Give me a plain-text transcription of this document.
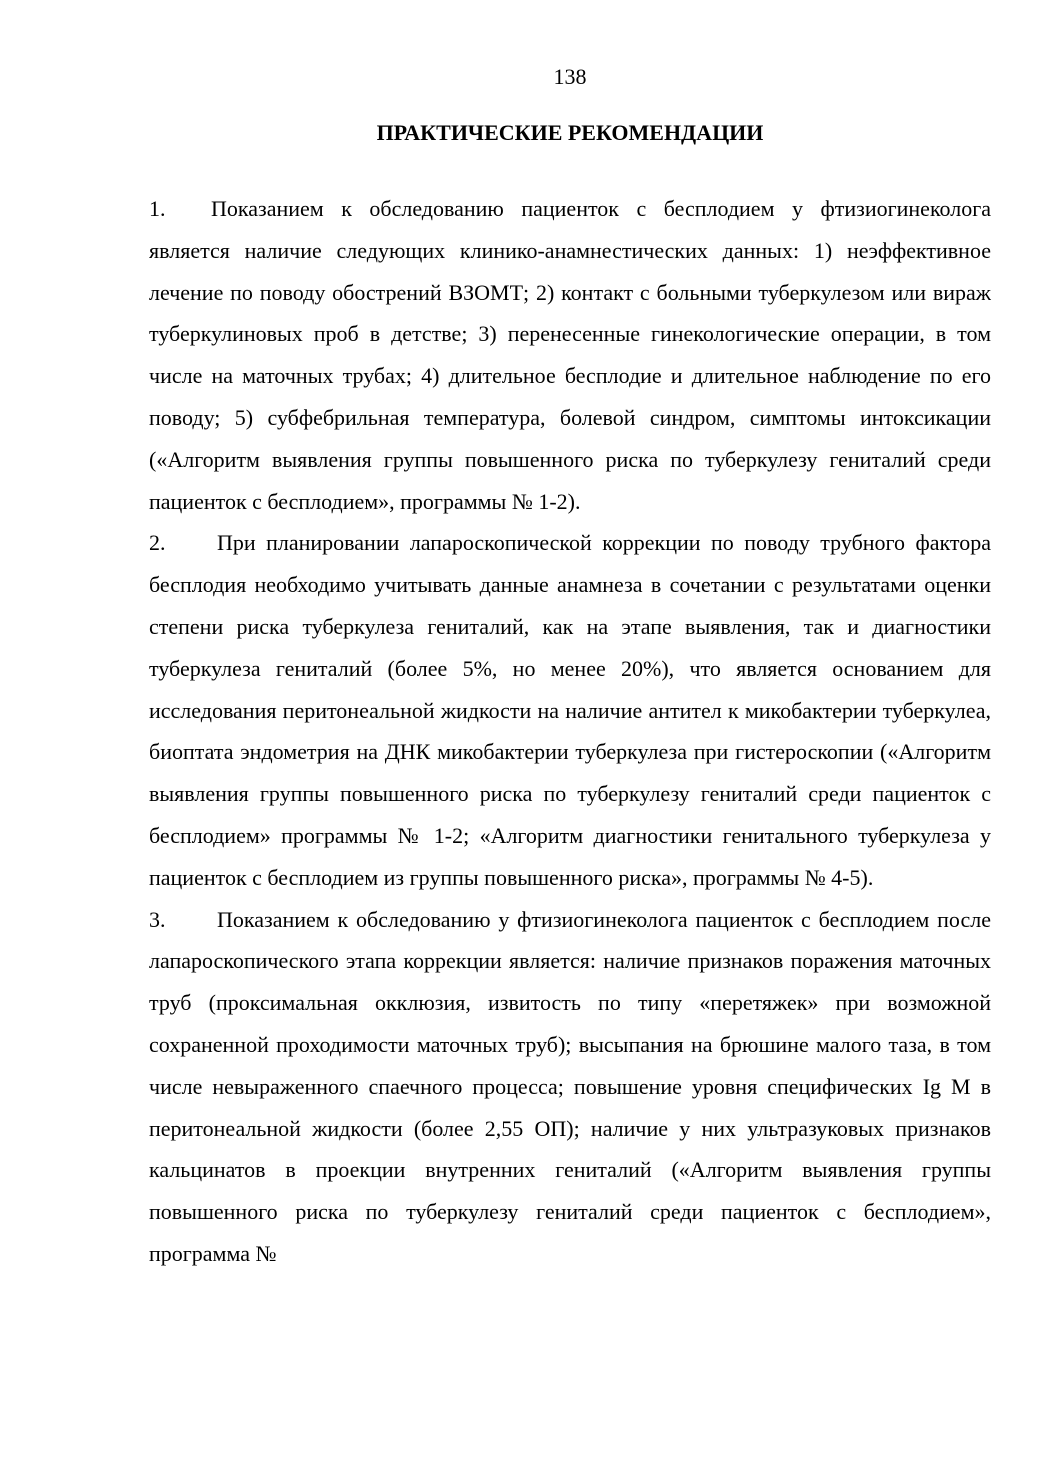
138
ПРАКТИЧЕСКИЕ РЕКОМЕНДАЦИИ

1. Показанием к обследованию пациенток с бесплодием у фтизиогинеколога является наличие следующих клинико-анамнестических данных: 1) неэффективное лечение по поводу обострений ВЗОМТ; 2) контакт с больными туберкулезом или вираж туберкулиновых проб в детстве; 3) перенесенные гинекологические операции, в том числе на маточных трубах; 4) длительное бесплодие и длительное наблюдение по его поводу; 5) субфебрильная температура, болевой синдром, симптомы интоксикации («Алгоритм выявления группы повышенного риска по туберкулезу гениталий среди пациенток с бесплодием», программы № 1-2).

2. При планировании лапароскопической коррекции по поводу трубного фактора бесплодия необходимо учитывать данные анамнеза в сочетании с результатами оценки степени риска туберкулеза гениталий, как на этапе выявления, так и диагностики туберкулеза гениталий (более 5%, но менее 20%), что является основанием для исследования перитонеальной жидкости на наличие антител к микобактерии туберкулеа, биоптата эндометрия на ДНК микобактерии туберкулеза при гистероскопии («Алгоритм выявления группы повышенного риска по туберкулезу гениталий среди пациенток с бесплодием» программы № 1-2; «Алгоритм диагностики генитального туберкулеза у пациенток с бесплодием из группы повышенного риска», программы № 4-5).

3. Показанием к обследованию у фтизиогинеколога пациенток с бесплодием после лапароскопического этапа коррекции является: наличие признаков поражения маточных труб (проксимальная окклюзия, извитость по типу «перетяжек» при возможной сохраненной проходимости маточных труб); высыпания на брюшине малого таза, в том числе невыраженного спаечного процесса; повышение уровня специфических Ig M в перитонеальной жидкости (более 2,55 ОП); наличие у них ультразуковых признаков кальцинатов в проекции внутренних гениталий («Алгоритм выявления группы повышенного риска по туберкулезу гениталий среди пациенток с бесплодием», программа №
